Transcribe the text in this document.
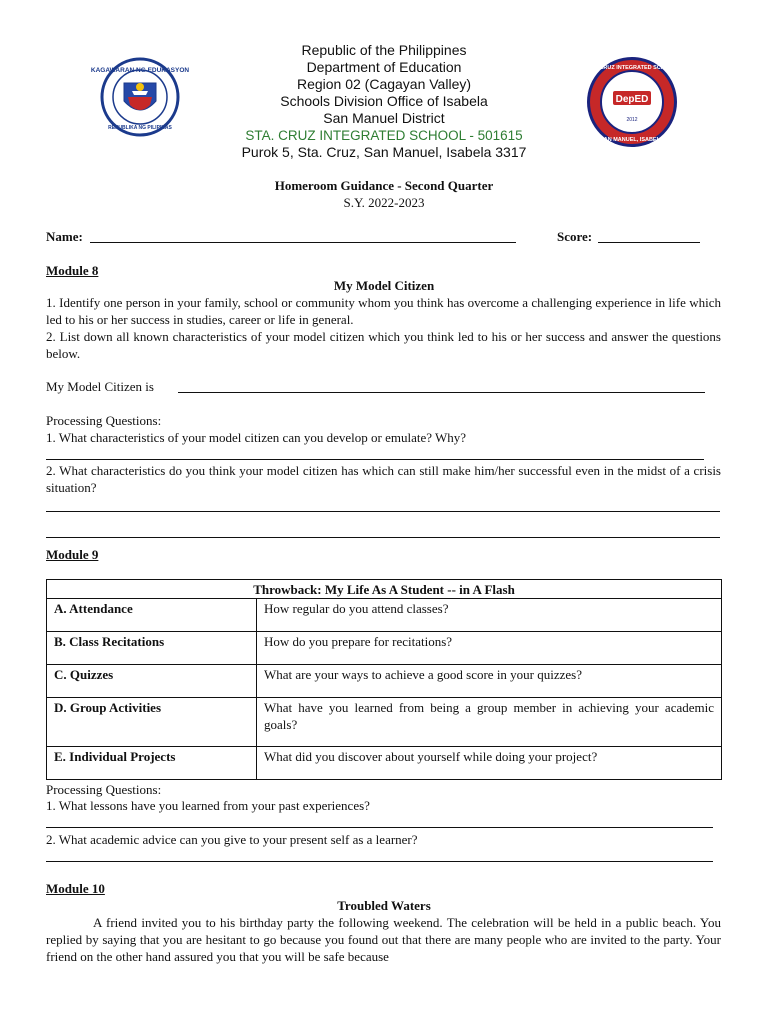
KAGAWARAN NG EDUKASYON
REPUBLIKA NG PILIPINAS
DepED
2012
STA.CRUZ INTEGRATED SCHOOL
SAN MANUEL, ISABELA
Republic of the Philippines
Department of Education
Region 02 (Cagayan Valley)
Schools Division Office of Isabela
San Manuel District
STA. CRUZ INTEGRATED SCHOOL - 501615
Purok 5, Sta. Cruz, San Manuel, Isabela 3317
Homeroom Guidance - Second Quarter
S.Y. 2022-2023
Name:	Score:
Module 8
My Model Citizen
1. Identify one person in your family, school or community whom you think has overcome a challenging experience in life which led to his or her success in studies, career or life in general.
2. List down all known characteristics of your model citizen which you think led to his or her success and answer the questions below.
My Model Citizen is
Processing Questions:
1. What characteristics of your model citizen can you develop or emulate? Why?
2. What characteristics do you think your model citizen has which can still make him/her successful even in the midst of a crisis situation?
Module 9
Throwback: My Life As A Student -- in A Flash	
A. Attendance	How regular do you attend classes?
B. Class Recitations	How do you prepare for recitations?
C. Quizzes	What are your ways to achieve a good score in your quizzes?
D. Group Activities	What have you learned from being a group member in achieving your academic goals?
E. Individual Projects	What did you discover about yourself while doing your project?
Processing Questions:
1. What lessons have you learned from your past experiences?
2. What academic advice can you give to your present self as a learner?
Module 10
Troubled Waters
A friend invited you to his birthday party the following weekend. The celebration will be held in a public beach. You replied by saying that you are hesitant to go because you found out that there are many people who are invited to the party. Your friend on the other hand assured you that you will be safe because
